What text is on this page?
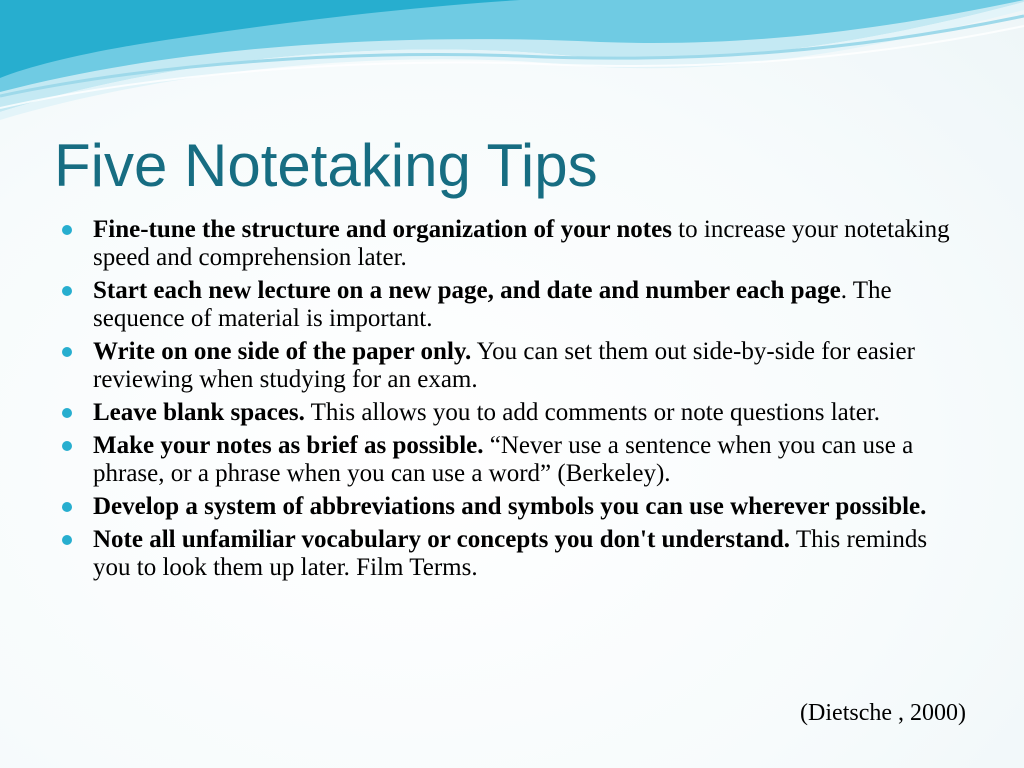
Five Notetaking Tips
Fine-tune the structure and organization of your notes to increase your notetaking speed and comprehension later.
Start each new lecture on a new page, and date and number each page. The sequence of material is important.
Write on one side of the paper only. You can set them out side-by-side for easier reviewing when studying for an exam.
Leave blank spaces. This allows you to add comments or note questions later.
Make your notes as brief as possible. “Never use a sentence when you can use a phrase, or a phrase when you can use a word” (Berkeley).
Develop a system of abbreviations and symbols you can use wherever possible.
Note all unfamiliar vocabulary or concepts you don't understand. This reminds you to look them up later. Film Terms.
(Dietsche , 2000)
